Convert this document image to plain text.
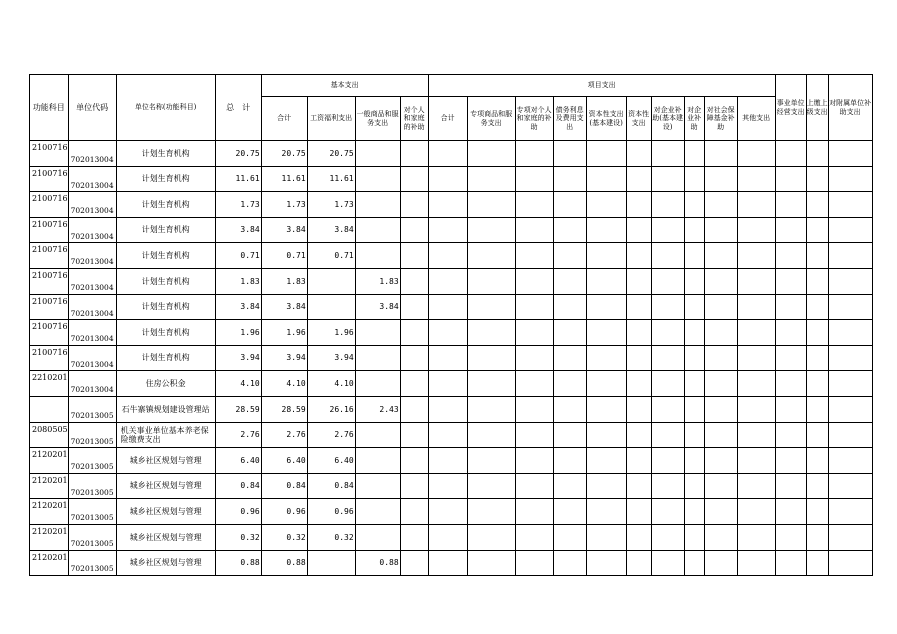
功能科目	单位代码	单位名称(功能科目)	总　计	基本支出				项目支出										事业单位经营支出	上缴上级支出	对附属单位补助支出
				合计	工资福利支出	一般商品和服务支出	对个人和家庭的补助	合计	专项商品和服务支出	专项对个人和家庭的补助	债务利息及费用支出	资本性支出(基本建设)	资本性支出	对企业补助(基本建设)	对企业补助	对社会保障基金补助	其他支出			
2100716	702013004	计划生育机构	20.75	20.75	20.75															
2100716	702013004	计划生育机构	11.61	11.61	11.61															
2100716	702013004	计划生育机构	1.73	1.73	1.73															
2100716	702013004	计划生育机构	3.84	3.84	3.84															
2100716	702013004	计划生育机构	0.71	0.71	0.71															
2100716	702013004	计划生育机构	1.83	1.83		1.83														
2100716	702013004	计划生育机构	3.84	3.84		3.84														
2100716	702013004	计划生育机构	1.96	1.96	1.96															
2100716	702013004	计划生育机构	3.94	3.94	3.94															
2210201	702013004	住房公积金	4.10	4.10	4.10															
	702013005	石牛寨镇规划建设管理站	28.59	28.59	26.16	2.43														
2080505	702013005	机关事业单位基本养老保险缴费支出	2.76	2.76	2.76															
2120201	702013005	城乡社区规划与管理	6.40	6.40	6.40															
2120201	702013005	城乡社区规划与管理	0.84	0.84	0.84															
2120201	702013005	城乡社区规划与管理	0.96	0.96	0.96															
2120201	702013005	城乡社区规划与管理	0.32	0.32	0.32															
2120201	702013005	城乡社区规划与管理	0.88	0.88		0.88														
